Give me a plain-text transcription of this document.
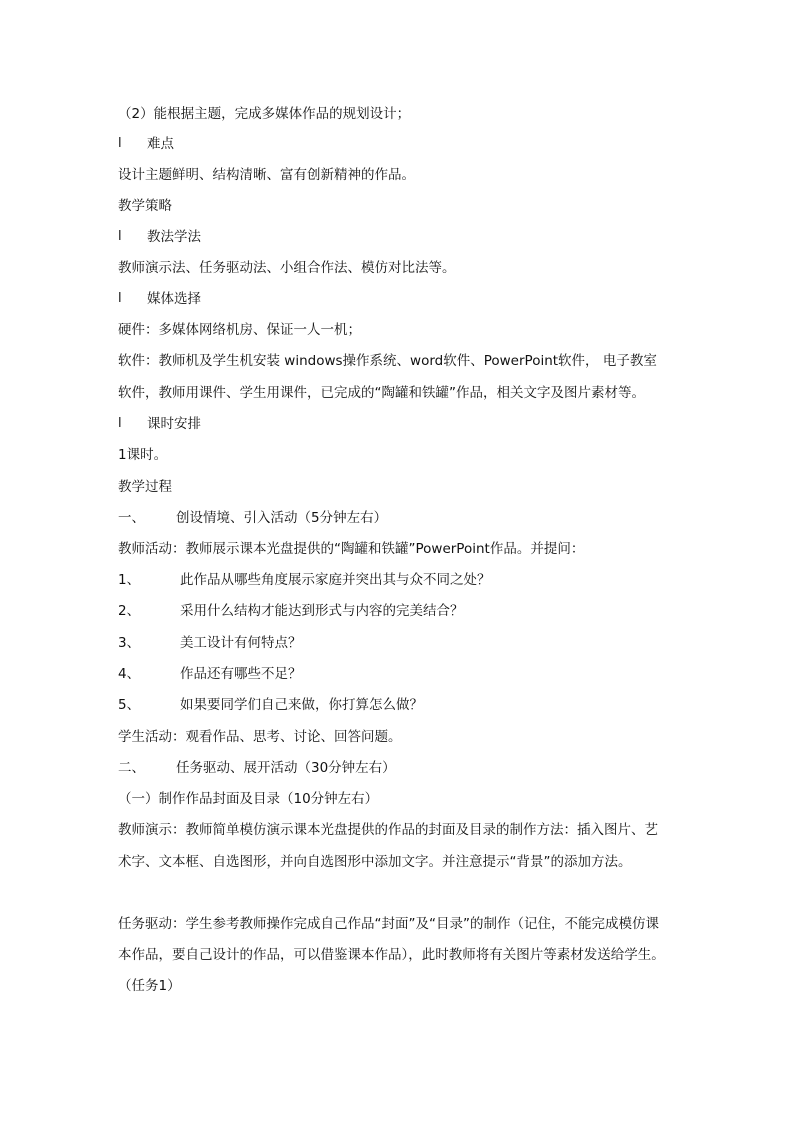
（2）能根据主题，完成多媒体作品的规划设计；
l 难点
设计主题鲜明、结构清晰、富有创新精神的作品。
教学策略
l 教法学法
教师演示法、任务驱动法、小组合作法、模仿对比法等。
l 媒体选择
硬件：多媒体网络机房、保证一人一机；
软件：教师机及学生机安装 windows操作系统、word软件、PowerPoint软件， 电子教室
软件，教师用课件、学生用课件，已完成的“陶罐和铁罐”作品，相关文字及图片素材等。
l 课时安排
1课时。
教学过程
一、 创设情境、引入活动（5分钟左右）
教师活动：教师展示课本光盘提供的“陶罐和铁罐”PowerPoint作品。并提问：
1、	此作品从哪些角度展示家庭并突出其与众不同之处？
2、	采用什么结构才能达到形式与内容的完美结合？
3、	美工设计有何特点？
4、	作品还有哪些不足？
5、	如果要同学们自己来做，你打算怎么做？
学生活动：观看作品、思考、讨论、回答问题。
二、 任务驱动、展开活动（30分钟左右）
（一）制作作品封面及目录（10分钟左右）
教师演示：教师简单模仿演示课本光盘提供的作品的封面及目录的制作方法：插入图片、艺
术字、文本框、自选图形，并向自选图形中添加文字。并注意提示“背景”的添加方法。
任务驱动：学生参考教师操作完成自己作品“封面”及“目录”的制作（记住，不能完成模仿课
本作品，要自己设计的作品，可以借鉴课本作品），此时教师将有关图片等素材发送给学生。
（任务1）
